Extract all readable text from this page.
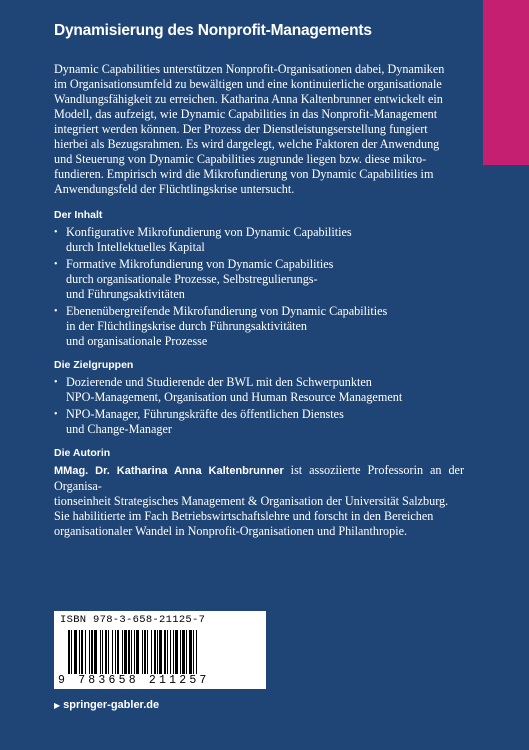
Dynamisierung des Nonprofit-Managements

Dynamic Capabilities unterstützen Nonprofit-Organisationen dabei, Dynamiken
im Organisationsumfeld zu bewältigen und eine kontinuierliche organisationale
Wandlungsfähigkeit zu erreichen. Katharina Anna Kaltenbrunner entwickelt ein
Modell, das aufzeigt, wie Dynamic Capabilities in das Nonprofit-Management
integriert werden können. Der Prozess der Dienstleistungserstellung fungiert
hierbei als Bezugsrahmen. Es wird dargelegt, welche Faktoren der Anwendung
und Steuerung von Dynamic Capabilities zugrunde liegen bzw. diese mikro-
fundieren. Empirisch wird die Mikrofundierung von Dynamic Capabilities im
Anwendungsfeld der Flüchtlingskrise untersucht.

Der Inhalt
• Konfigurative Mikrofundierung von Dynamic Capabilities
durch Intellektuelles Kapital
• Formative Mikrofundierung von Dynamic Capabilities
durch organisationale Prozesse, Selbstregulierungs-
und Führungsaktivitäten
• Ebenenübergreifende Mikrofundierung von Dynamic Capabilities
in der Flüchtlingskrise durch Führungsaktivitäten
und organisationale Prozesse
Die Zielgruppen
• Dozierende und Studierende der BWL mit den Schwerpunkten
NPO-Management, Organisation und Human Resource Management
• NPO-Manager, Führungskräfte des öffentlichen Dienstes
und Change-Manager
Die Autorin

MMag. Dr. Katharina Anna Kaltenbrunner ist assoziierte Professorin an der Organisa-
tionseinheit Strategisches Management & Organisation der Universität Salzburg.
Sie habilitierte im Fach Betriebswirtschaftslehre und forscht in den Bereichen
organisationaler Wandel in Nonprofit-Organisationen und Philanthropie.

ISBN 978-3-658-21125-7
9 783658 211257
▶ springer-gabler.de
